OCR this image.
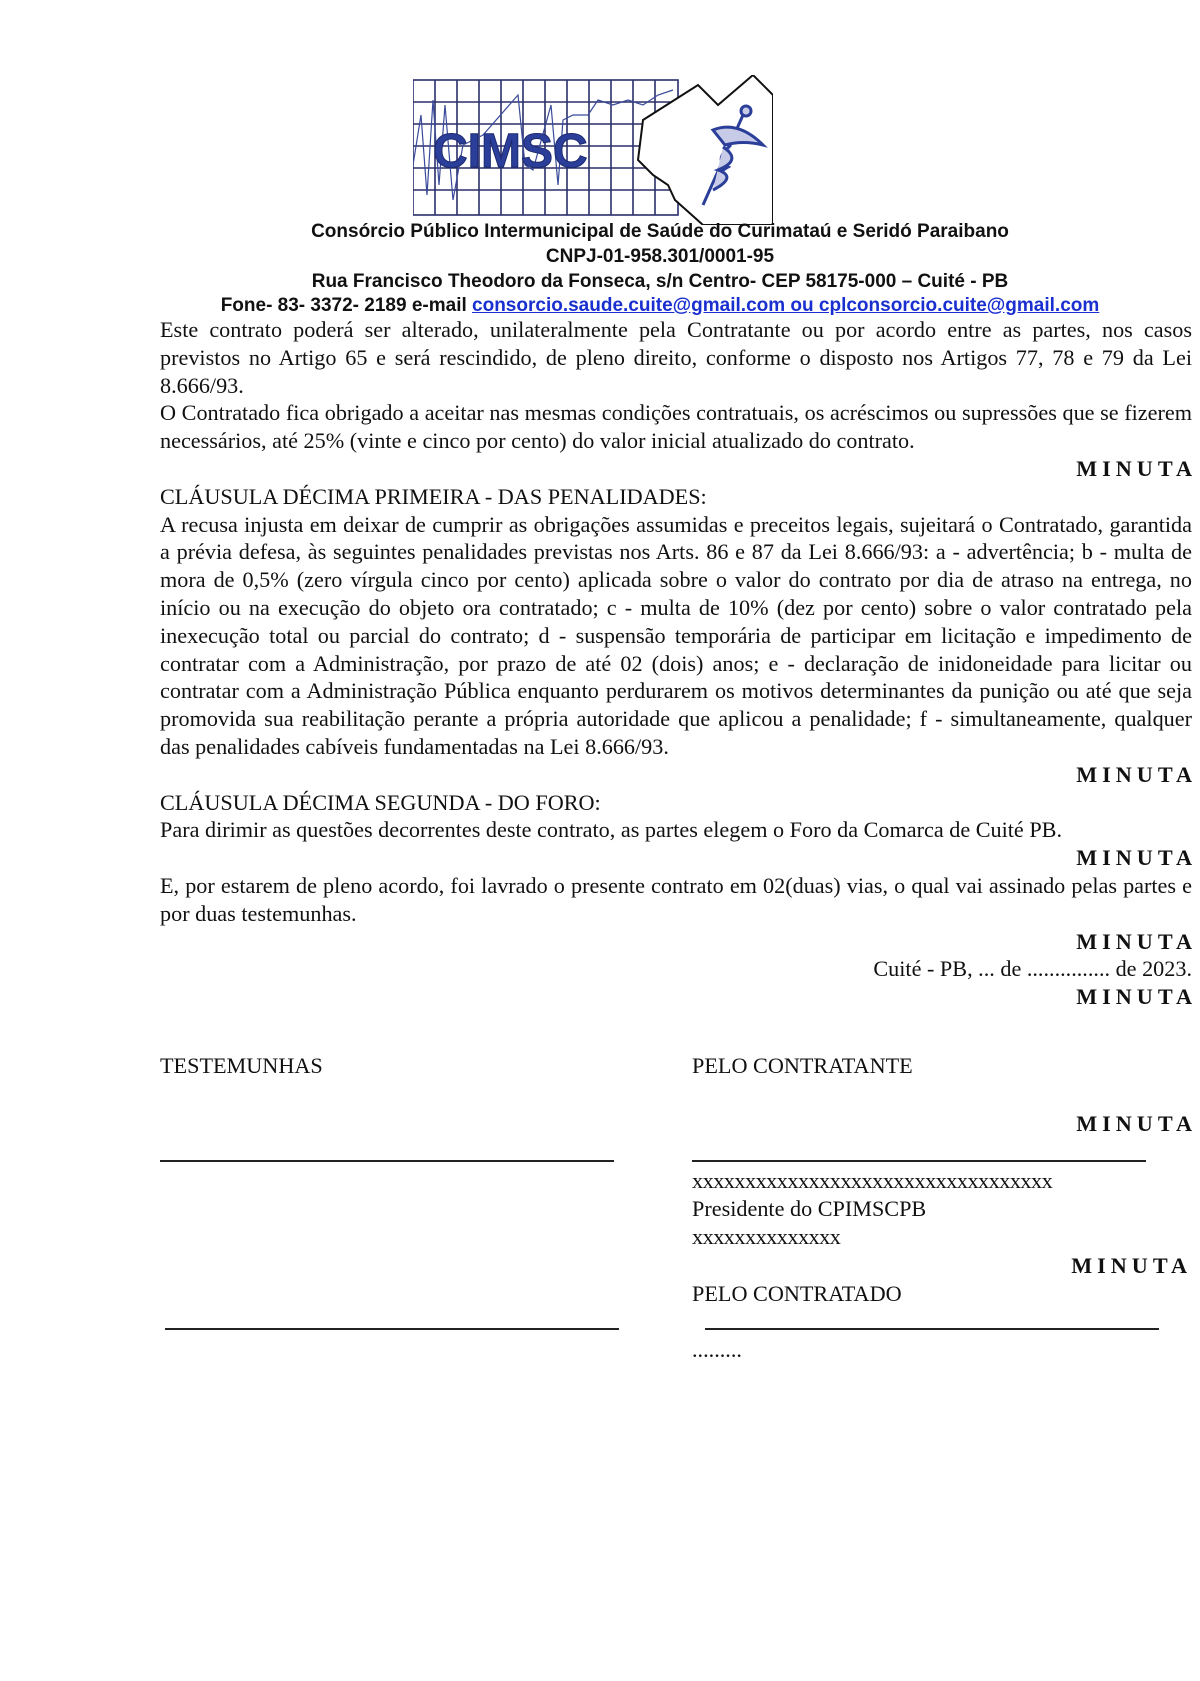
CIMSC
Consórcio Público Intermunicipal de Saúde do Curimataú e Seridó Paraibano
CNPJ-01-958.301/0001-95
Rua Francisco Theodoro da Fonseca, s/n Centro- CEP 58175-000 – Cuité - PB
Fone- 83- 3372- 2189 e-mail consorcio.saude.cuite@gmail.com ou cplconsorcio.cuite@gmail.com

Este contrato poderá ser alterado, unilateralmente pela Contratante ou por acordo entre as partes, nos casos previstos no Artigo 65 e será rescindido, de pleno direito, conforme o disposto nos Artigos 77, 78 e 79 da Lei 8.666/93.

O Contratado fica obrigado a aceitar nas mesmas condições contratuais, os acréscimos ou supressões que se fizerem necessários, até 25% (vinte e cinco por cento) do valor inicial atualizado do contrato.

MINUTA

CLÁUSULA DÉCIMA PRIMEIRA - DAS PENALIDADES:

A recusa injusta em deixar de cumprir as obrigações assumidas e preceitos legais, sujeitará o Contratado, garantida a prévia defesa, às seguintes penalidades previstas nos Arts. 86 e 87 da Lei 8.666/93: a - advertência; b - multa de mora de 0,5% (zero vírgula cinco por cento) aplicada sobre o valor do contrato por dia de atraso na entrega, no início ou na execução do objeto ora contratado; c - multa de 10% (dez por cento) sobre o valor contratado pela inexecução total ou parcial do contrato; d - suspensão temporária de participar em licitação e impedimento de contratar com a Administração, por prazo de até 02 (dois) anos; e - declaração de inidoneidade para licitar ou contratar com a Administração Pública enquanto perdurarem os motivos determinantes da punição ou até que seja promovida sua reabilitação perante a própria autoridade que aplicou a penalidade; f - simultaneamente, qualquer das penalidades cabíveis fundamentadas na Lei 8.666/93.

MINUTA

CLÁUSULA DÉCIMA SEGUNDA - DO FORO:

Para dirimir as questões decorrentes deste contrato, as partes elegem o Foro da Comarca de Cuité PB.

MINUTA

E, por estarem de pleno acordo, foi lavrado o presente contrato em 02(duas) vias, o qual vai assinado pelas partes e por duas testemunhas.

MINUTA

Cuité - PB, ... de ............... de 2023.

MINUTA

TESTEMUNHAS	PELO CONTRATANTE
MINUTA
xxxxxxxxxxxxxxxxxxxxxxxxxxxxxxxxxx
Presidente do CPIMSCPB
xxxxxxxxxxxxxx
MINUTA
PELO CONTRATADO
.........
